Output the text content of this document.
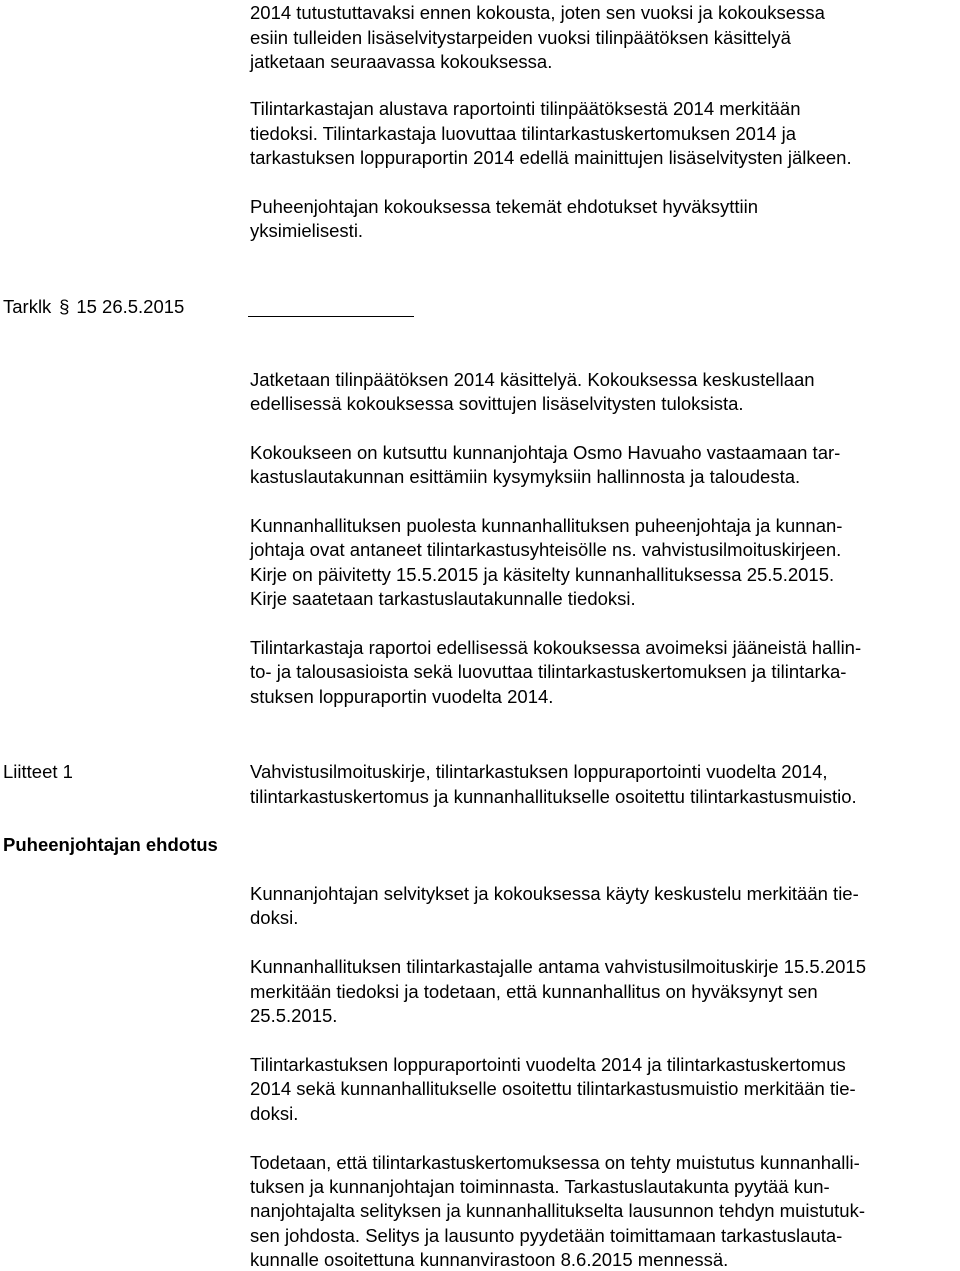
2014 tutustuttavaksi ennen kokousta, joten sen vuoksi ja kokouksessa
esiin tulleiden lisäselvitystarpeiden vuoksi tilinpäätöksen käsittelyä
jatketaan seuraavassa kokouksessa.
Tilintarkastajan alustava raportointi tilinpäätöksestä 2014 merkitään
tiedoksi. Tilintarkastaja luovuttaa tilintarkastuskertomuksen 2014 ja
tarkastuksen loppuraportin 2014 edellä mainittujen lisäselvitysten jälkeen.
Puheenjohtajan kokouksessa tekemät ehdotukset hyväksyttiin
yksimielisesti.
Tarklk § 15 26.5.2015
Jatketaan tilinpäätöksen 2014 käsittelyä. Kokouksessa keskustellaan
edellisessä kokouksessa sovittujen lisäselvitysten tuloksista.
Kokoukseen on kutsuttu kunnanjohtaja Osmo Havuaho vastaamaan tar-
kastuslautakunnan esittämiin kysymyksiin hallinnosta ja taloudesta.
Kunnanhallituksen puolesta kunnanhallituksen puheenjohtaja ja kunnan-
johtaja ovat antaneet tilintarkastusyhteisölle ns. vahvistusilmoituskirjeen.
Kirje on päivitetty 15.5.2015 ja käsitelty kunnanhallituksessa 25.5.2015.
Kirje saatetaan tarkastuslautakunnalle tiedoksi.
Tilintarkastaja raportoi edellisessä kokouksessa avoimeksi jääneistä hallin-
to- ja talousasioista sekä luovuttaa tilintarkastuskertomuksen ja tilintarka-
stuksen loppuraportin vuodelta 2014.
Liitteet 1	Vahvistusilmoituskirje, tilintarkastuksen loppuraportointi vuodelta 2014,
tilintarkastuskertomus ja kunnanhallitukselle osoitettu tilintarkastusmuistio.
Puheenjohtajan ehdotus
Kunnanjohtajan selvitykset ja kokouksessa käyty keskustelu merkitään tie-
doksi.
Kunnanhallituksen tilintarkastajalle antama vahvistusilmoituskirje 15.5.2015
merkitään tiedoksi ja todetaan, että kunnanhallitus on hyväksynyt sen
25.5.2015.
Tilintarkastuksen loppuraportointi vuodelta 2014 ja tilintarkastuskertomus
2014 sekä kunnanhallitukselle osoitettu tilintarkastusmuistio merkitään tie-
doksi.
Todetaan, että tilintarkastuskertomuksessa on tehty muistutus kunnanhalli-
tuksen ja kunnanjohtajan toiminnasta. Tarkastuslautakunta pyytää kun-
nanjohtajalta selityksen ja kunnanhallitukselta lausunnon tehdyn muistutuk-
sen johdosta. Selitys ja lausunto pyydetään toimittamaan tarkastuslauta-
kunnalle osoitettuna kunnanvirastoon 8.6.2015 mennessä.
